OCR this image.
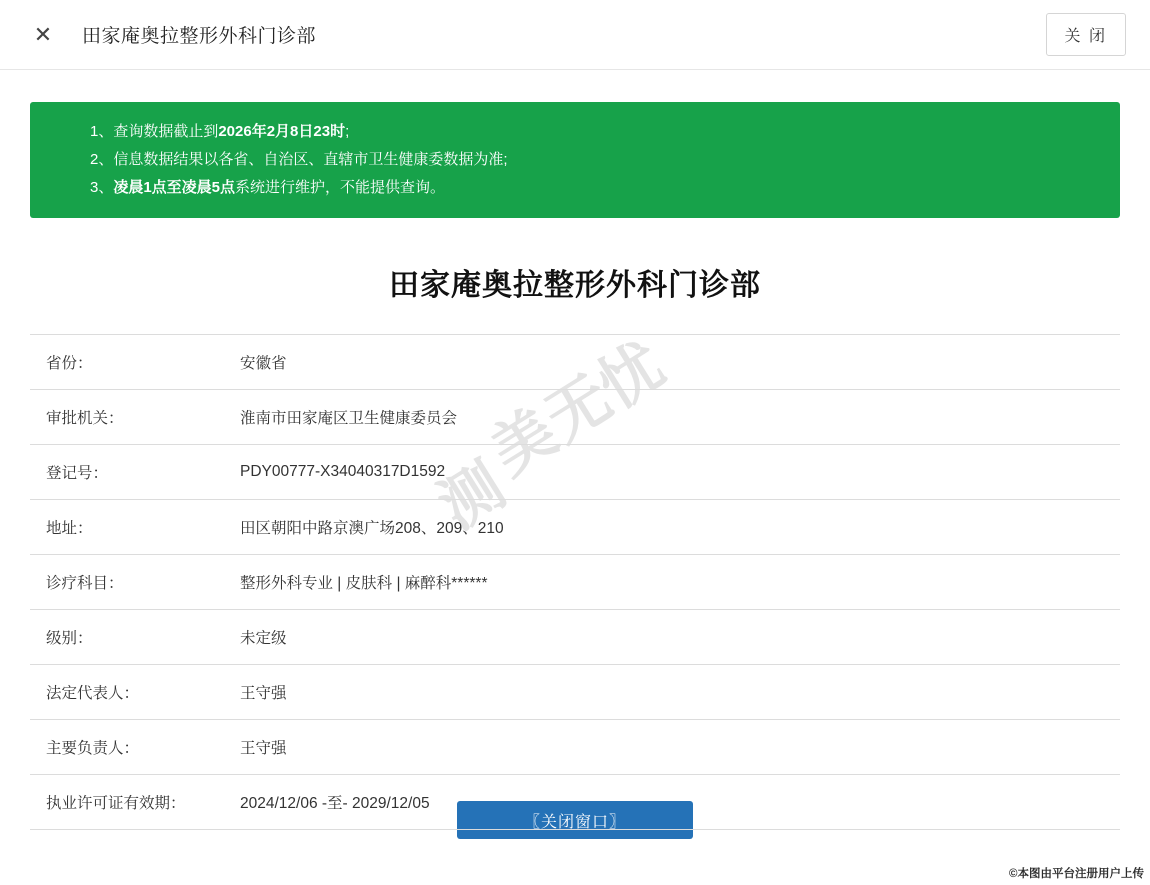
✕ 田家庵奥拉整形外科门诊部	关 闭
1、查询数据截止到2026年2月8日23时;
2、信息数据结果以各省、自治区、直辖市卫生健康委数据为准;
3、凌晨1点至凌晨5点系统进行维护，不能提供查询。
田家庵奥拉整形外科门诊部
无忧
美
测
省份：	安徽省
审批机关：	淮南市田家庵区卫生健康委员会
登记号：	PDY00777-X34040317D1592
地址：	田区朝阳中路京澳广场208、209、210
诊疗科目：	整形外科专业 | 皮肤科 | 麻醉科******
级别：	未定级
法定代表人：	王守强
主要负责人：	王守强
执业许可证有效期：	2024/12/06 -至- 2029/12/05
〖关闭窗口〗
©本图由平台注册用户上传
